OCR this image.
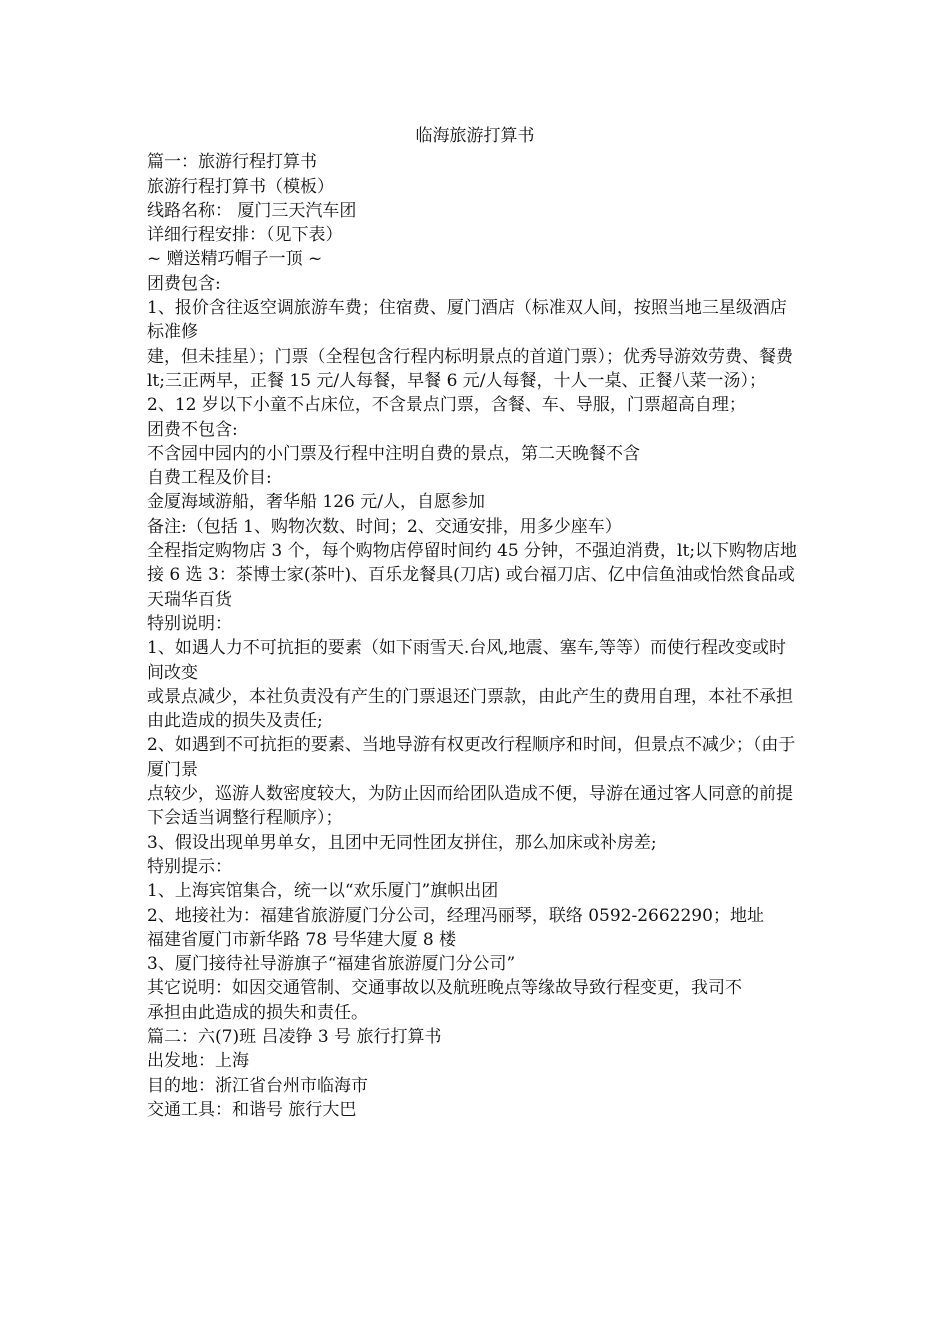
临海旅游打算书
篇一：旅游行程打算书
旅游行程打算书（模板）
线路名称： 厦门三天汽车团
详细行程安排：（见下表）
~ 赠送精巧帽子一顶 ~
团费包含:
1、报价含往返空调旅游车费；住宿费、厦门酒店（标准双人间，按照当地三星级酒店标准修
建，但未挂星）；门票（全程包含行程内标明景点的首道门票）；优秀导游效劳费、餐费 lt;三正两早，正餐 15 元/人每餐，早餐 6 元/人每餐，十人一桌、正餐八菜一汤）；
2、12 岁以下小童不占床位，不含景点门票，含餐、车、导服，门票超高自理；
团费不包含:
不含园中园内的小门票及行程中注明自费的景点，第二天晚餐不含
自费工程及价目:
金厦海域游船，奢华船 126 元/人，自愿参加
备注:（包括 1、购物次数、时间；2、交通安排，用多少座车）
全程指定购物店 3 个，每个购物店停留时间约 45 分钟，不强迫消费，lt;以下购物店地接 6 选 3：茶博士家(茶叶)、百乐龙餐具(刀店) 或台福刀店、亿中信鱼油或怡然食品或天瑞华百货
特别说明：
1、如遇人力不可抗拒的要素（如下雨雪天.台风,地震、塞车,等等）而使行程改变或时间改变
或景点减少，本社负责没有产生的门票退还门票款，由此产生的费用自理，本社不承担由此造成的损失及责任;
2、如遇到不可抗拒的要素、当地导游有权更改行程顺序和时间，但景点不减少；（由于厦门景
点较少，巡游人数密度较大，为防止因而给团队造成不便，导游在通过客人同意的前提下会适当调整行程顺序）；
3、假设出现单男单女，且团中无同性团友拼住，那么加床或补房差;
特别提示：
1、上海宾馆集合，统一以“欢乐厦门”旗帜出团
2、地接社为：福建省旅游厦门分公司，经理冯丽琴，联络 0592-2662290；地址
福建省厦门市新华路 78 号华建大厦 8 楼
3、厦门接待社导游旗子“福建省旅游厦门分公司”
其它说明：如因交通管制、交通事故以及航班晚点等缘故导致行程变更，我司不
承担由此造成的损失和责任。
篇二：六(7)班 吕凌铮 3 号 旅行打算书
出发地：上海
目的地：浙江省台州市临海市
交通工具：和谐号 旅行大巴
